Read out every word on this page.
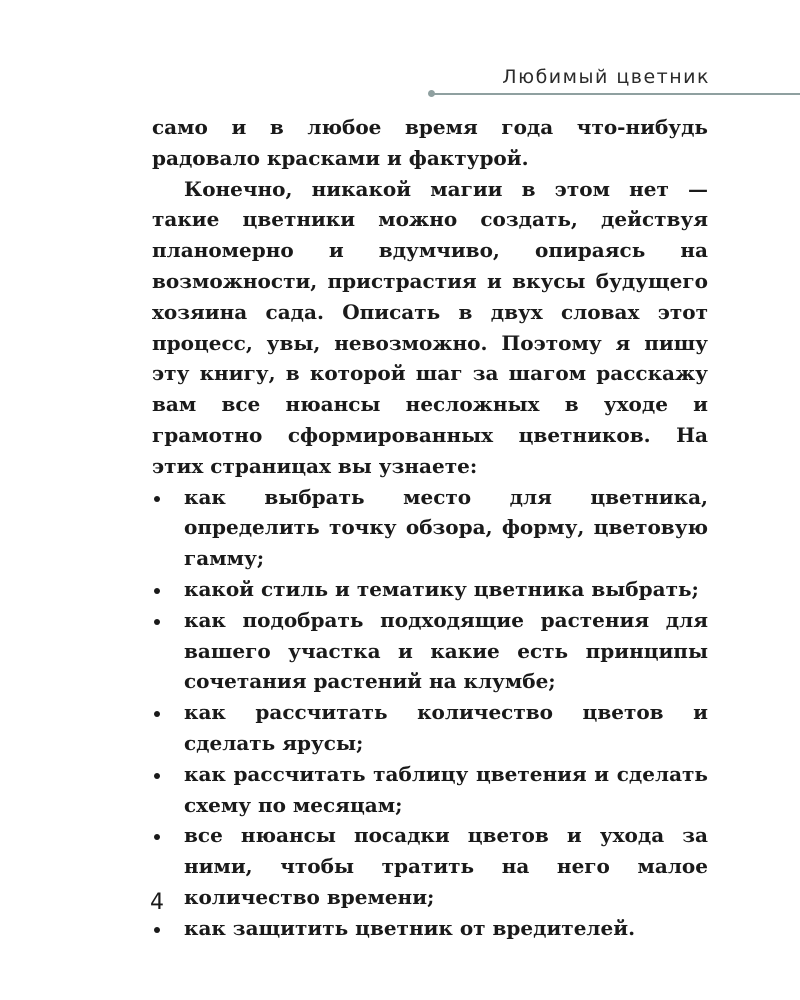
Любимый цветник

само и в любое время года что-нибудь радовало красками и фактурой.

Конечно, никакой магии в этом нет — такие цветники можно создать, действуя планомерно и вдумчиво, опираясь на возможности, пристрастия и вкусы будущего хозяина сада. Описать в двух словах этот процесс, увы, невозможно. Поэтому я пишу эту книгу, в которой шаг за шагом расскажу вам все нюансы несложных в уходе и грамотно сформированных цветников. На этих страницах вы узнаете:

как выбрать место для цветника, определить точку обзора, форму, цветовую гамму;
какой стиль и тематику цветника выбрать;
как подобрать подходящие растения для вашего участка и какие есть принципы сочетания растений на клумбе;
как рассчитать количество цветов и сделать ярусы;
как рассчитать таблицу цветения и сделать схему по месяцам;
все нюансы посадки цветов и ухода за ними, чтобы тратить на него малое количество времени;
как защитить цветник от вредителей.
4
